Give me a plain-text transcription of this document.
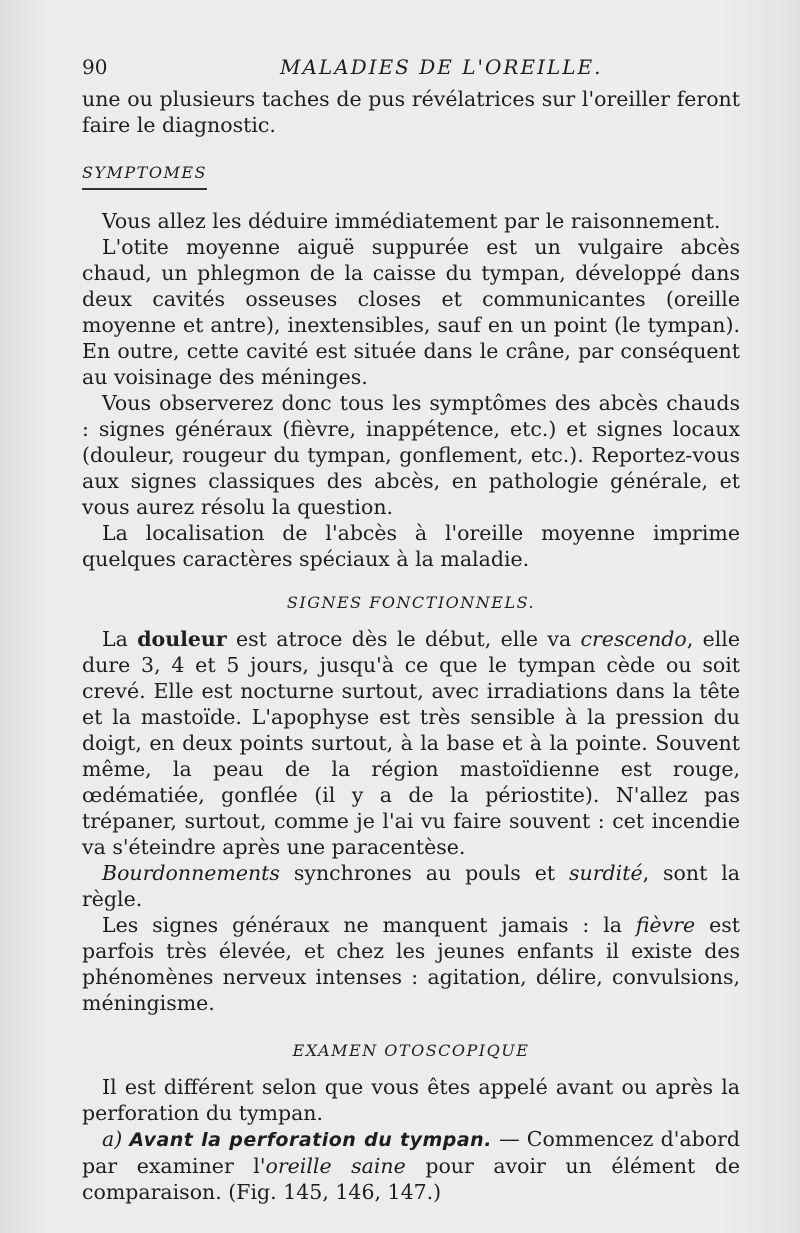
90	MALADIES DE L'OREILLE.

une ou plusieurs taches de pus révélatrices sur l'oreiller feront faire le diagnostic.

SYMPTOMES

Vous allez les déduire immédiatement par le raisonnement.

L'otite moyenne aiguë suppurée est un vulgaire abcès chaud, un phlegmon de la caisse du tympan, développé dans deux cavités osseuses closes et communicantes (oreille moyenne et antre), inextensibles, sauf en un point (le tympan). En outre, cette cavité est située dans le crâne, par conséquent au voisinage des méninges.

Vous observerez donc tous les symptômes des abcès chauds : signes généraux (fièvre, inappétence, etc.) et signes locaux (douleur, rougeur du tympan, gonflement, etc.). Reportez-vous aux signes classiques des abcès, en pathologie générale, et vous aurez résolu la question.

La localisation de l'abcès à l'oreille moyenne imprime quelques caractères spéciaux à la maladie.

SIGNES FONCTIONNELS.

La douleur est atroce dès le début, elle va crescendo, elle dure 3, 4 et 5 jours, jusqu'à ce que le tympan cède ou soit crevé. Elle est nocturne surtout, avec irradiations dans la tête et la mastoïde. L'apophyse est très sensible à la pression du doigt, en deux points surtout, à la base et à la pointe. Souvent même, la peau de la région mastoïdienne est rouge, œdématiée, gonflée (il y a de la périostite). N'allez pas trépaner, surtout, comme je l'ai vu faire souvent : cet incendie va s'éteindre après une paracentèse.

Bourdonnements synchrones au pouls et surdité, sont la règle.

Les signes généraux ne manquent jamais : la fièvre est parfois très élevée, et chez les jeunes enfants il existe des phénomènes nerveux intenses : agitation, délire, convulsions, méningisme.

EXAMEN OTOSCOPIQUE

Il est différent selon que vous êtes appelé avant ou après la perforation du tympan.

a) Avant la perforation du tympan. — Commencez d'abord par examiner l'oreille saine pour avoir un élément de comparaison. (Fig. 145, 146, 147.)
